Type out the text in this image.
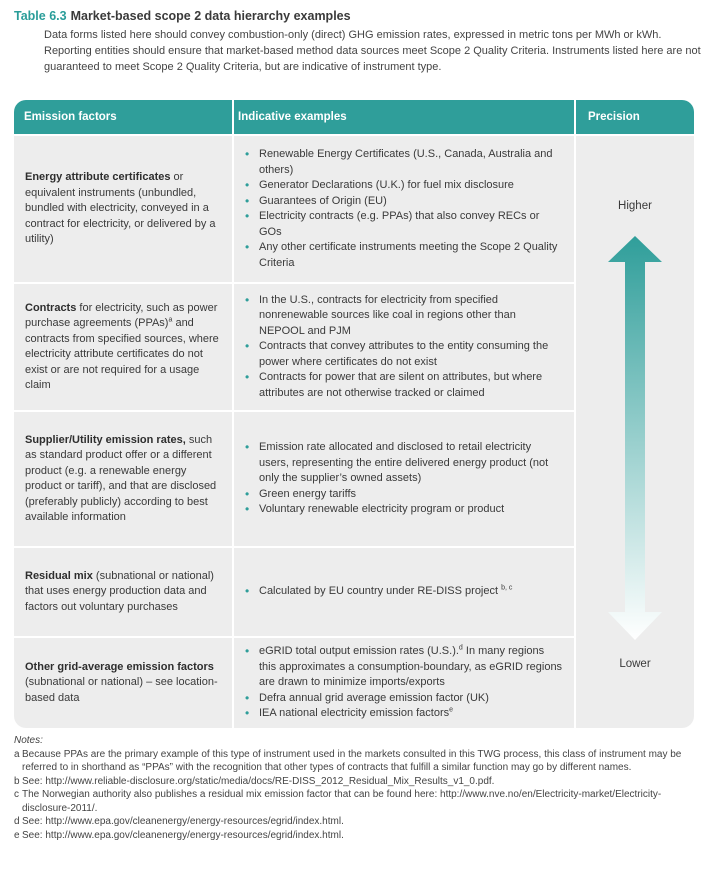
Table 6.3 Market-based scope 2 data hierarchy examples
Data forms listed here should convey combustion-only (direct) GHG emission rates, expressed in metric tons per MWh or kWh. Reporting entities should ensure that market-based method data sources meet Scope 2 Quality Criteria. Instruments listed here are not guaranteed to meet Scope 2 Quality Criteria, but are indicative of instrument type.
Emission factors	Indicative examples	Precision
Energy attribute certificates or equivalent instruments (unbundled, bundled with electricity, conveyed in a contract for electricity, or delivered by a utility)
• Renewable Energy Certificates (U.S., Canada, Australia and others)
• Generator Declarations (U.K.) for fuel mix disclosure
• Guarantees of Origin (EU)
• Electricity contracts (e.g. PPAs) that also convey RECs or GOs
• Any other certificate instruments meeting the Scope 2 Quality Criteria
Contracts for electricity, such as power purchase agreements (PPAs)$^a$ and contracts from specified sources, where electricity attribute certificates do not exist or are not required for a usage claim
• In the U.S., contracts for electricity from specified nonrenewable sources like coal in regions other than NEPOOL and PJM
• Contracts that convey attributes to the entity consuming the power where certificates do not exist
• Contracts for power that are silent on attributes, but where attributes are not otherwise tracked or claimed
Supplier/Utility emission rates, such as standard product offer or a different product (e.g. a renewable energy product or tariff), and that are disclosed (preferably publicly) according to best available information
• Emission rate allocated and disclosed to retail electricity users, representing the entire delivered energy product (not only the supplier’s owned assets)
• Green energy tariffs
• Voluntary renewable electricity program or product
Residual mix (subnational or national) that uses energy production data and factors out voluntary purchases
• Calculated by EU country under RE-DISS project $^{b, c}$
Other grid-average emission factors (subnational or national) – see location-based data
• eGRID total output emission rates (U.S.).$^d$ In many regions this approximates a consumption-boundary, as eGRID regions are drawn to minimize imports/exports
• Defra annual grid average emission factor (UK)
• IEA national electricity emission factors$^e$
Higher
Lower
Notes:
a Because PPAs are the primary example of this type of instrument used in the markets consulted in this TWG process, this class of instrument may be referred to in shorthand as “PPAs” with the recognition that other types of contracts that fulfill a similar function may go by different names.
b See: http://www.reliable-disclosure.org/static/media/docs/RE-DISS_2012_Residual_Mix_Results_v1_0.pdf.
c The Norwegian authority also publishes a residual mix emission factor that can be found here: http://www.nve.no/en/Electricity-market/Electricity-disclosure-2011/.
d See: http://www.epa.gov/cleanenergy/energy-resources/egrid/index.html.
e See: http://www.epa.gov/cleanenergy/energy-resources/egrid/index.html.
